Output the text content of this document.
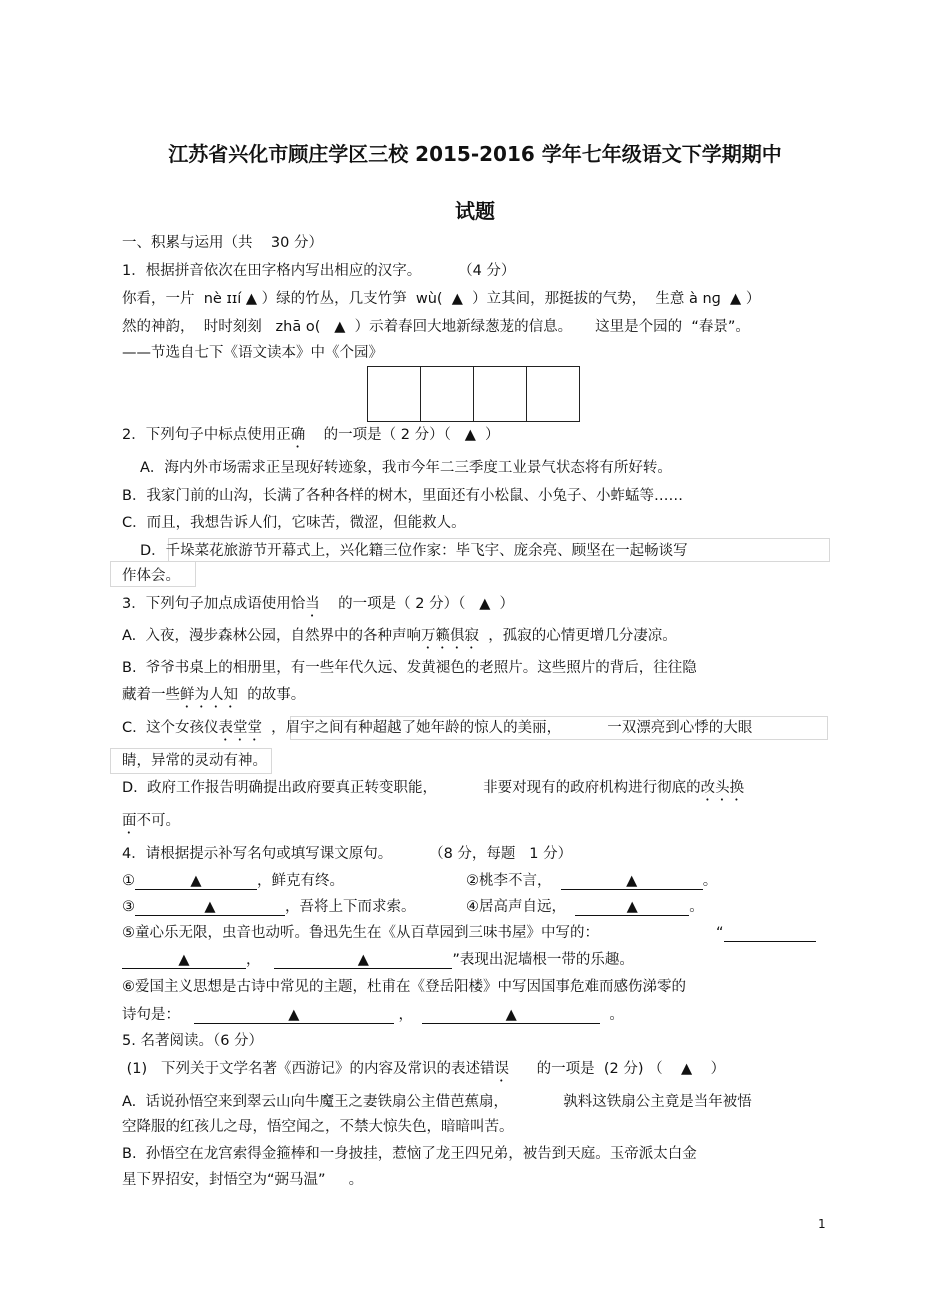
江苏省兴化市顾庄学区三校 2015-2016 学年七年级语文下学期期中
试题
一、积累与运用（共    30 分）
1．根据拼音依次在田字格内写出相应的汉字。        （4 分）
你看，一片  nè ɪɪí ▲ ）绿的竹丛，几支竹笋  wù(  ▲  ）立其间，那挺拔的气势，  生意 à nɡ  ▲ ）
然的神韵，  时时刻刻   zhā o(   ▲  ）示着春回大地新绿葱茏的信息。     这里是个园的  “春景”。
——节选自七下《语文读本》中《个园》
2．下列句子中标点使用正确    的一项是（ 2 分）（   ▲  ）
A．海内外市场需求正呈现好转迹象，我市今年二三季度工业景气状态将有所好转。
B．我家门前的山沟，长满了各种各样的树木，里面还有小松鼠、小兔子、小蚱蜢等……
C．而且，我想告诉人们，它味苦，微涩，但能救人。
D．千垛菜花旅游节开幕式上，兴化籍三位作家：毕飞宇、庞余亮、顾坚在一起畅谈写
作体会。
3．下列句子加点成语使用恰当    的一项是（ 2 分）（   ▲  ）
A.  入夜，漫步森林公园，自然界中的各种声响万籁俱寂  ，孤寂的心情更增几分凄凉。
B.  爷爷书桌上的相册里，有一些年代久远、发黄褪色的老照片。这些照片的背后，往往隐
藏着一些鲜为人知  的故事。
C.  这个女孩仪表堂堂  ，眉宇之间有种超越了她年龄的惊人的美丽，          一双漂亮到心悸的大眼
睛，异常的灵动有神。
D.  政府工作报告明确提出政府要真正转变职能，          非要对现有的政府机构进行彻底的改头换
面不可。
4．请根据提示补写名句或填写课文原句。        （8 分，每题   1 分）
①	▲	，鲜克有终。	②桃李不言，	▲	。
③	▲	，吾将上下而求索。	④居高声自远，	▲	。
⑤童心乐无限，虫音也动听。鲁迅先生在《从百草园到三味书屋》中写的：	“
▲	，	▲	”表现出泥墙根一带的乐趣。
⑥爱国主义思想是古诗中常见的主题，杜甫在《登岳阳楼》中写因国事危难而感伤涕零的
诗句是：	▲	，	▲	。
5. 名著阅读。（6 分）
(1)   下列关于文学名著《西游记》的内容及常识的表述错误      的一项是  (2 分) （    ▲    ）
A.  话说孙悟空来到翠云山向牛魔王之妻铁扇公主借芭蕉扇，            孰料这铁扇公主竟是当年被悟
空降服的红孩儿之母，悟空闻之，不禁大惊失色，暗暗叫苦。
B.  孙悟空在龙宫索得金箍棒和一身披挂，惹恼了龙王四兄弟，被告到天庭。玉帝派太白金
星下界招安，封悟空为“弼马温”     。
1
